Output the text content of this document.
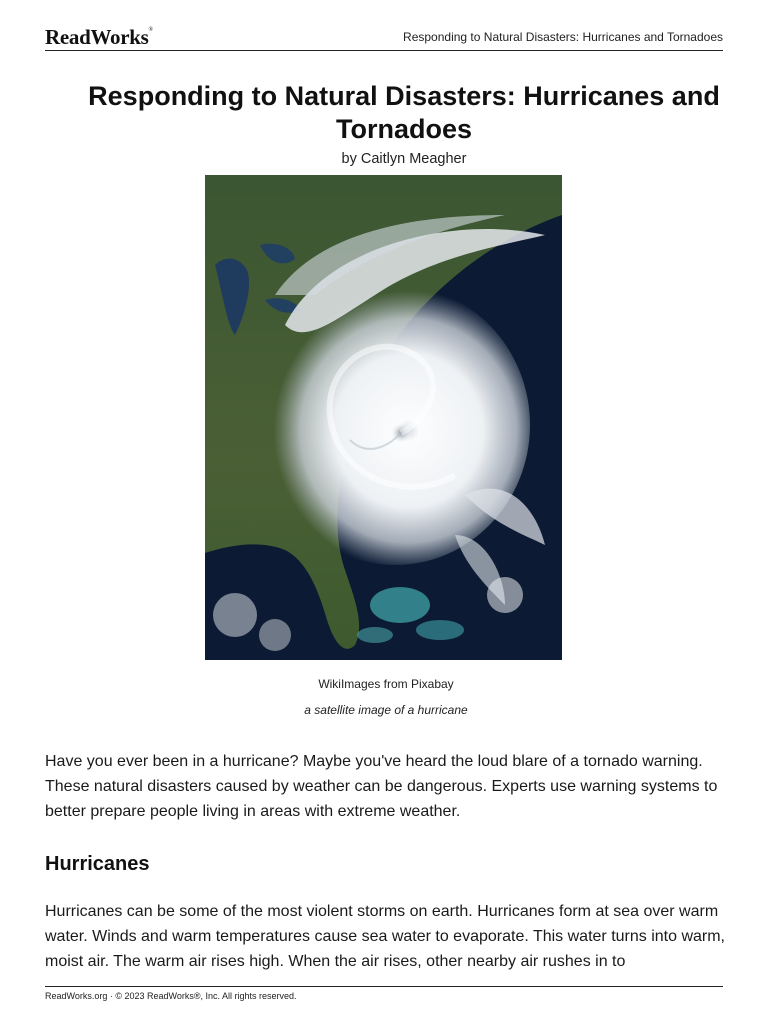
ReadWorks®	Responding to Natural Disasters: Hurricanes and Tornadoes
Responding to Natural Disasters: Hurricanes and Tornadoes
by Caitlyn Meagher
WikiImages from Pixabay
a satellite image of a hurricane

Have you ever been in a hurricane? Maybe you've heard the loud blare of a tornado warning. These natural disasters caused by weather can be dangerous. Experts use warning systems to better prepare people living in areas with extreme weather.

Hurricanes

Hurricanes can be some of the most violent storms on earth. Hurricanes form at sea over warm water. Winds and warm temperatures cause sea water to evaporate. This water turns into warm, moist air. The warm air rises high. When the air rises, other nearby air rushes in to

ReadWorks.org · © 2023 ReadWorks®, Inc. All rights reserved.
